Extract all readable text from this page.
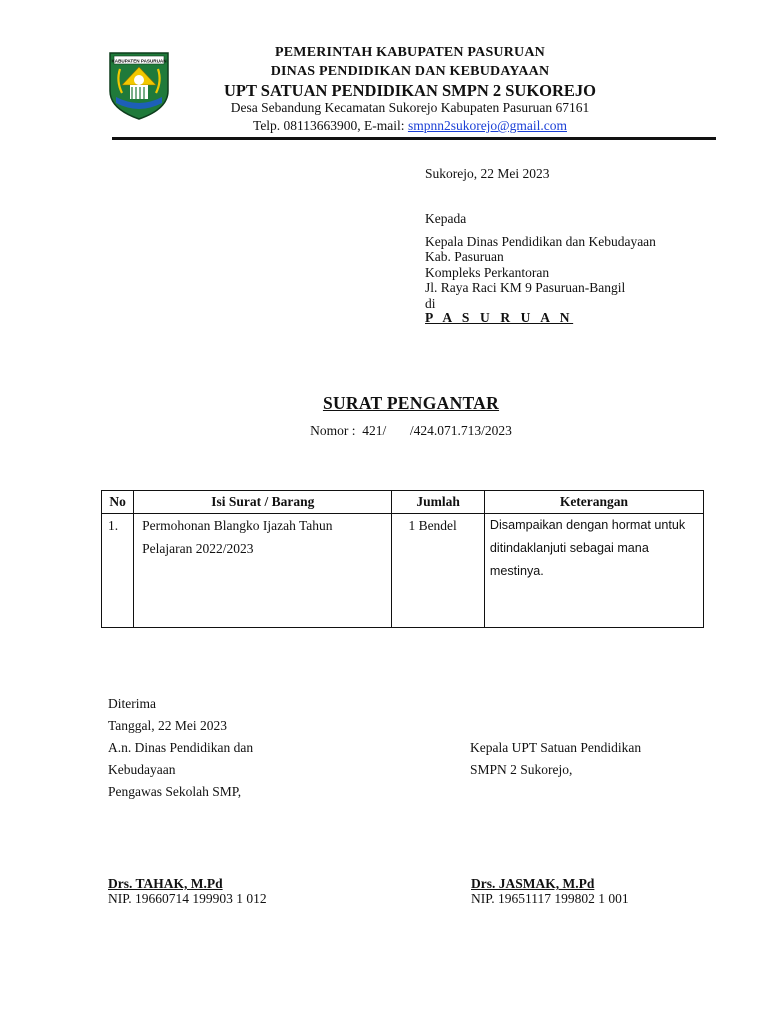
KABUPATEN PASURUAN
PEMERINTAH KABUPATEN PASURUAN
DINAS PENDIDIKAN DAN KEBUDAYAAN
UPT SATUAN PENDIDIKAN SMPN 2 SUKOREJO
Desa Sebandung Kecamatan Sukorejo Kabupaten Pasuruan 67161
Telp. 08113663900, E-mail: smpnn2sukorejo@gmail.com
Sukorejo, 22 Mei 2023
Kepada
Kepala Dinas Pendidikan dan Kebudayaan
Kab. Pasuruan
Kompleks Perkantoran
Jl. Raya Raci KM 9 Pasuruan-Bangil
di
P A S U R U A N
SURAT PENGANTAR
Nomor :  421/       /424.071.713/2023
No	Isi Surat / Barang	Jumlah	Keterangan
1.	Permohonan Blangko Ijazah Tahun Pelajaran 2022/2023	1 Bendel	Disampaikan dengan hormat untuk ditindaklanjuti sebagai mana mestinya.
Diterima
Tanggal, 22 Mei 2023
A.n. Dinas Pendidikan dan
Kebudayaan
Pengawas Sekolah SMP,
Kepala UPT Satuan Pendidikan
SMPN 2 Sukorejo,
Drs. TAHAK, M.Pd
NIP. 19660714 199903 1 012
Drs. JASMAK, M.Pd
NIP. 19651117 199802 1 001
